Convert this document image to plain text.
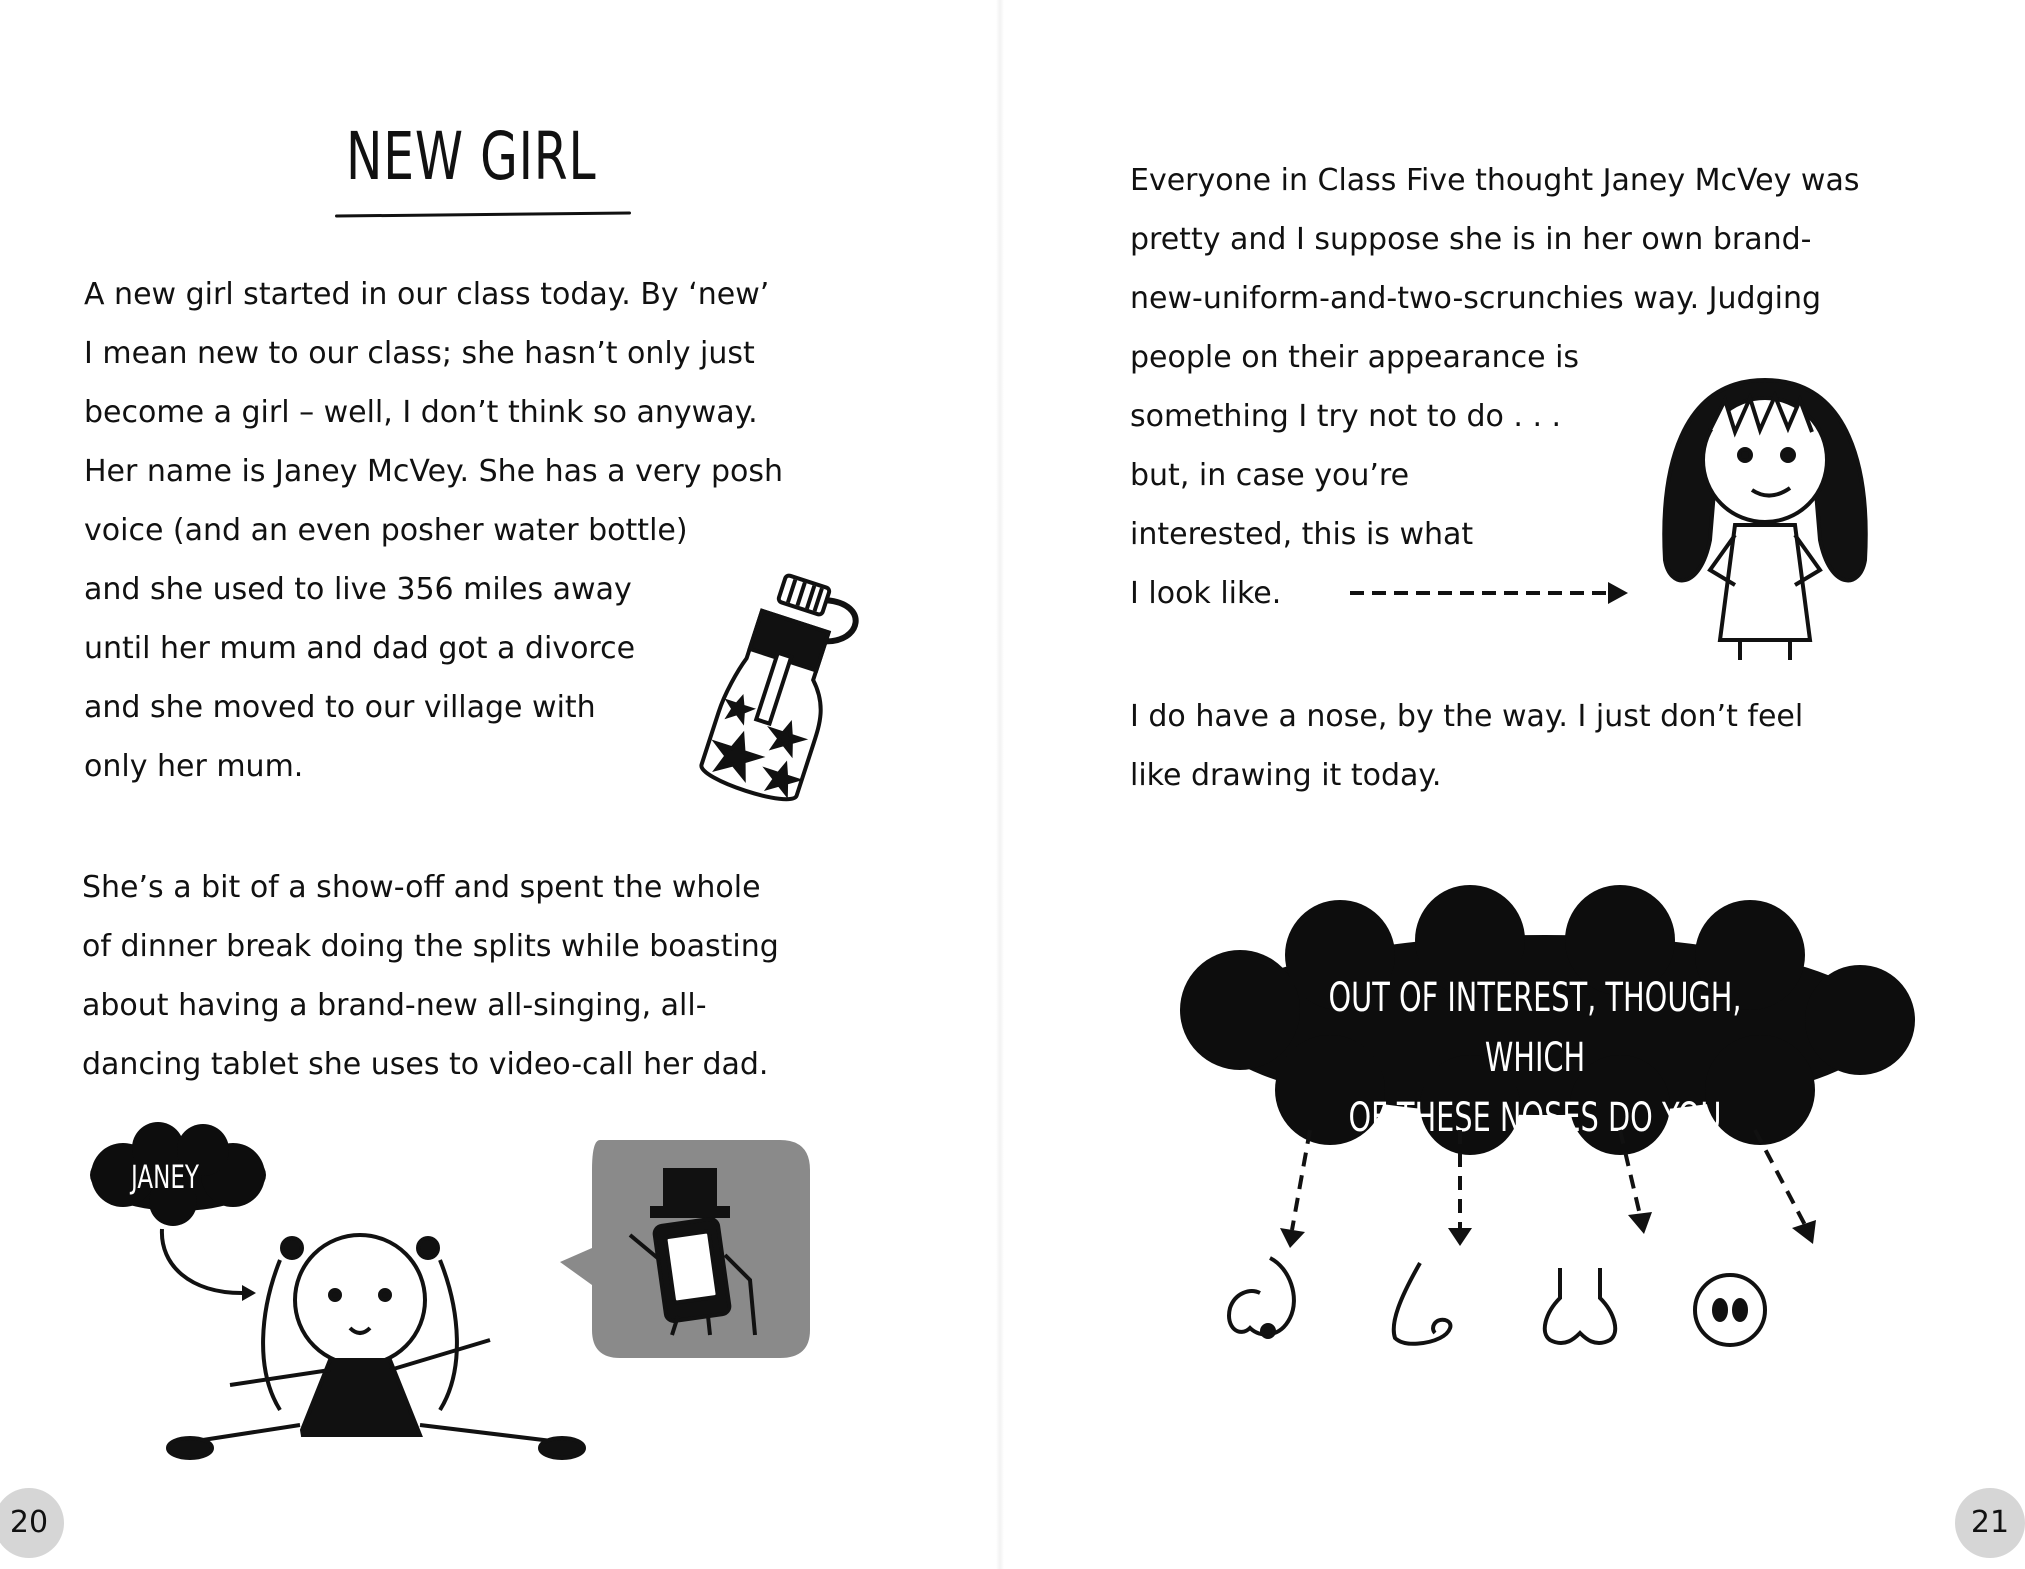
NEW GIRL

A new girl started in our class today. By ‘new’
I mean new to our class; she hasn’t only just
become a girl – well, I don’t think so anyway.
Her name is Janey McVey. She has a very posh
voice (and an even posher water bottle)
and she used to live 356 miles away
until her mum and dad got a divorce
and she moved to our village with
only her mum.

She’s a bit of a show-off and spent the whole
of dinner break doing the splits while boasting
about having a brand-new all-singing, all-
dancing tablet she uses to video-call her dad.

JANEY
20

Everyone in Class Five thought Janey McVey was
pretty and I suppose she is in her own brand-
new-uniform-and-two-scrunchies way. Judging
people on their appearance is
something I try not to do . . .
but, in case you’re
interested, this is what
I look like.

I do have a nose, by the way. I just don’t feel
like drawing it today.

OUT OF INTEREST, THOUGH, WHICH
OF THESE NOSES DO YOU PREFER?
21
